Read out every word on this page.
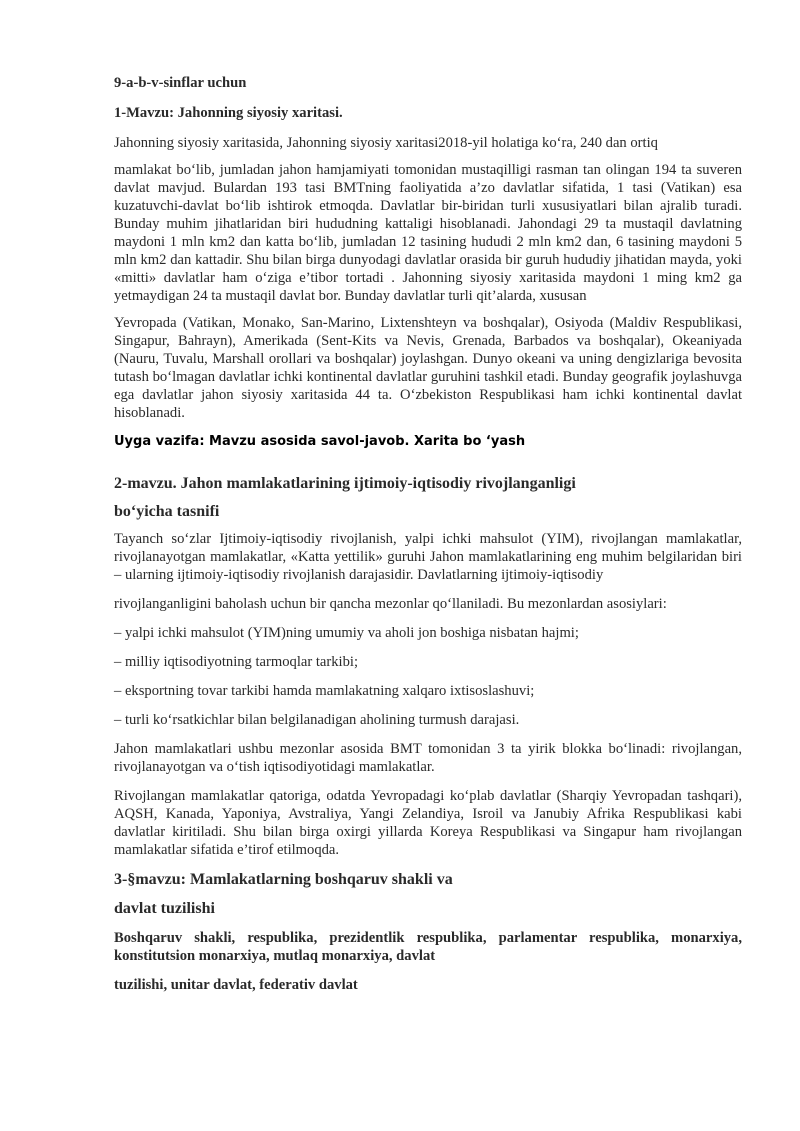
9-a-b-v-sinflar uchun

1-Mavzu: Jahonning siyosiy xaritasi.

Jahonning siyosiy xaritasida, Jahonning siyosiy xaritasi2018-yil holatiga ko‘ra, 240 dan ortiq

mamlakat bo‘lib, jumladan jahon hamjamiyati tomonidan mustaqilligi rasman tan olingan 194 ta suveren davlat mavjud. Bulardan 193 tasi BMTning faoliyatida a’zo davlatlar sifatida, 1 tasi (Vatikan) esa kuzatuvchi-davlat bo‘lib ishtirok etmoqda. Davlatlar bir-biridan turli xususiyatlari bilan ajralib turadi. Bunday muhim jihatlaridan biri hududning kattaligi hisoblanadi. Jahondagi 29 ta mustaqil davlatning maydoni 1 mln km2 dan katta bo‘lib, jumladan 12 tasining hududi 2 mln km2 dan, 6 tasining maydoni 5 mln km2 dan kattadir. Shu bilan birga dunyodagi davlatlar orasida bir guruh hududiy jihatidan mayda, yoki «mitti» davlatlar ham o‘ziga e’tibor tortadi . Jahonning siyosiy xaritasida maydoni 1 ming km2 ga yetmaydigan 24 ta mustaqil davlat bor. Bunday davlatlar turli qit’alarda, xususan

Yevropada (Vatikan, Monako, San-Marino, Lixtenshteyn va boshqalar), Osiyoda (Maldiv Respublikasi, Singapur, Bahrayn), Amerikada (Sent-Kits va Nevis, Grenada, Barbados va boshqalar), Okeaniyada (Nauru, Tuvalu, Marshall orollari va boshqalar) joylashgan. Dunyo okeani va uning dengizlariga bevosita tutash bo‘lmagan davlatlar ichki kontinental davlatlar guruhini tashkil etadi. Bunday geografik joylashuvga ega davlatlar jahon siyosiy xaritasida 44 ta. O‘zbekiston Respublikasi ham ichki kontinental davlat hisoblanadi.

Uyga vazifa: Mavzu asosida savol-javob. Xarita bo ‘yash

2-mavzu. Jahon mamlakatlarining ijtimoiy-iqtisodiy rivojlanganligi

bo‘yicha tasnifi

Tayanch so‘zlar Ijtimoiy-iqtisodiy rivojlanish, yalpi ichki mahsulot (YIM), rivojlangan mamlakatlar, rivojlanayotgan mamlakatlar, «Katta yettilik» guruhi Jahon mamlakatlarining eng muhim belgilaridan biri – ularning ijtimoiy-iqtisodiy rivojlanish darajasidir. Davlatlarning ijtimoiy-iqtisodiy

rivojlanganligini baholash uchun bir qancha mezonlar qo‘llaniladi. Bu mezonlardan asosiylari:

– yalpi ichki mahsulot (YIM)ning umumiy va aholi jon boshiga nisbatan hajmi;

– milliy iqtisodiyotning tarmoqlar tarkibi;

– eksportning tovar tarkibi hamda mamlakatning xalqaro ixtisoslashuvi;

– turli ko‘rsatkichlar bilan belgilanadigan aholining turmush darajasi.

Jahon mamlakatlari ushbu mezonlar asosida BMT tomonidan 3 ta yirik blokka bo‘linadi: rivojlangan, rivojlanayotgan va o‘tish iqtisodiyotidagi mamlakatlar.

Rivojlangan mamlakatlar qatoriga, odatda Yevropadagi ko‘plab davlatlar (Sharqiy Yevropadan tashqari), AQSH, Kanada, Yaponiya, Avstraliya, Yangi Zelandiya, Isroil va Janubiy Afrika Respublikasi kabi davlatlar kiritiladi. Shu bilan birga oxirgi yillarda Koreya Respublikasi va Singapur ham rivojlangan mamlakatlar sifatida e’tirof etilmoqda.

3-§mavzu: Mamlakatlarning boshqaruv shakli va

davlat tuzilishi

Boshqaruv shakli, respublika, prezidentlik respublika, parlamentar respublika, monarxiya, konstitutsion monarxiya, mutlaq monarxiya, davlat

tuzilishi, unitar davlat, federativ davlat
